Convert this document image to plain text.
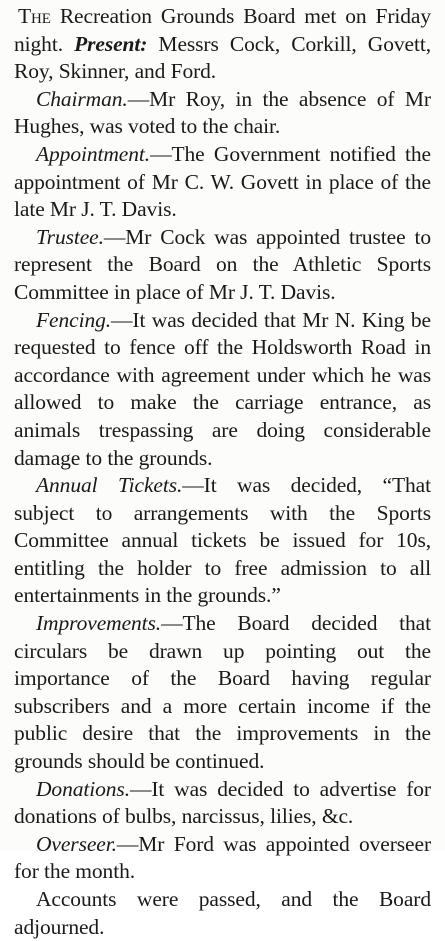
The Recreation Grounds Board met on Friday night. Present: Messrs Cock, Corkill, Govett, Roy, Skinner, and Ford.

Chairman.—Mr Roy, in the absence of Mr Hughes, was voted to the chair.

Appointment.—The Government notified the appointment of Mr C. W. Govett in place of the late Mr J. T. Davis.

Trustee.—Mr Cock was appointed trustee to represent the Board on the Athletic Sports Committee in place of Mr J. T. Davis.

Fencing.—It was decided that Mr N. King be requested to fence off the Holdsworth Road in accordance with agreement under which he was allowed to make the carriage entrance, as animals trespassing are doing considerable damage to the grounds.

Annual Tickets.—It was decided, “That subject to arrangements with the Sports Committee annual tickets be issued for 10s, entitling the holder to free admission to all entertainments in the grounds.”

Improvements.—The Board decided that circulars be drawn up pointing out the importance of the Board having regular subscribers and a more certain income if the public desire that the improvements in the grounds should be continued.

Donations.—It was decided to advertise for donations of bulbs, narcissus, lilies, &c.

Overseer.—Mr Ford was appointed overseer for the month.

Accounts were passed, and the Board adjourned.
